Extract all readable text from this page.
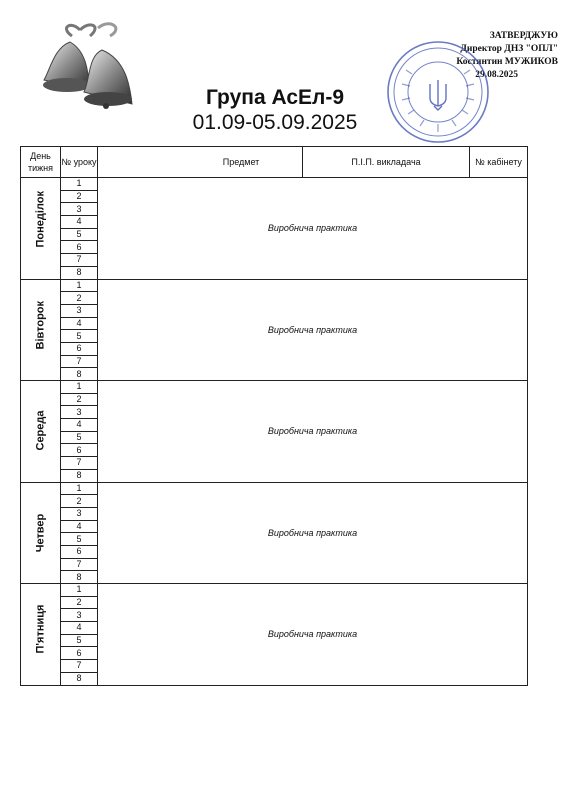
ЗАТВЕРДЖУЮ
Директор ДНЗ "ОПЛ"
Костянтин МУЖИКОВ
29.08.2025
Група АсЕл-9
01.09-05.09.2025
День тижня	№ уроку	Предмет	П.І.П. викладача	№ кабінету

Понеділок	1	Виробнича практика		
	2			
	3			
	4			
	5			
	6			
	7			
	8			

Вівторок	1	Виробнича практика		
	2			
	3			
	4			
	5			
	6			
	7			
	8			

Середа	1	Виробнича практика		
	2			
	3			
	4			
	5			
	6			
	7			
	8			

Четвер	1	Виробнича практика		
	2			
	3			
	4			
	5			
	6			
	7			
	8			

П'ятниця	1	Виробнича практика		
	2			
	3			
	4			
	5			
	6			
	7			
	8			
